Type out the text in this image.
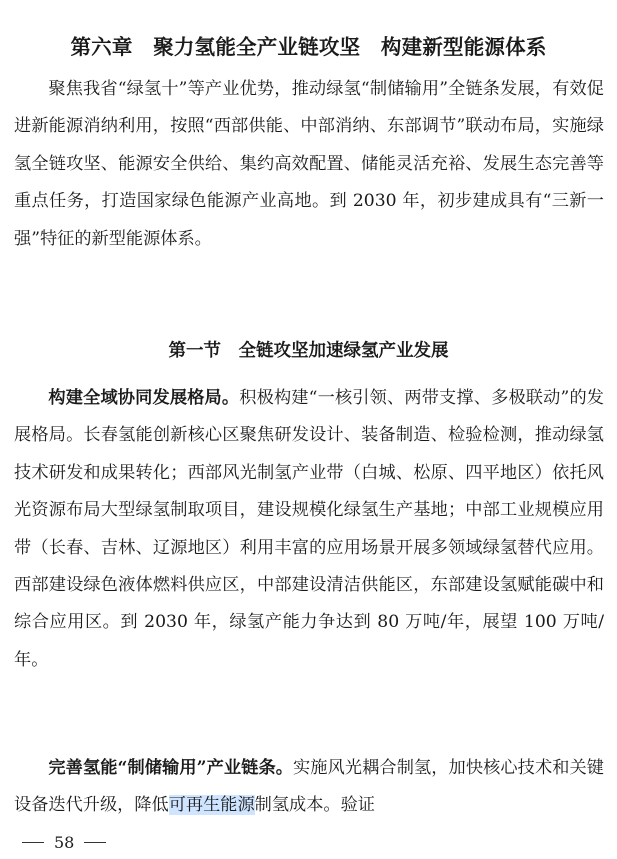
第六章　聚力氢能全产业链攻坚　构建新型能源体系

聚焦我省“绿氢十”等产业优势，推动绿氢“制储输用”全链条发展，有效促进新能源消纳利用，按照“西部供能、中部消纳、东部调节”联动布局，实施绿氢全链攻坚、能源安全供给、集约高效配置、储能灵活充裕、发展生态完善等重点任务，打造国家绿色能源产业高地。到 2030 年，初步建成具有“三新一强”特征的新型能源体系。

第一节　全链攻坚加速绿氢产业发展

构建全域协同发展格局。积极构建“一核引领、两带支撑、多极联动”的发展格局。长春氢能创新核心区聚焦研发设计、装备制造、检验检测，推动绿氢技术研发和成果转化；西部风光制氢产业带（白城、松原、四平地区）依托风光资源布局大型绿氢制取项目，建设规模化绿氢生产基地；中部工业规模应用带（长春、吉林、辽源地区）利用丰富的应用场景开展多领域绿氢替代应用。西部建设绿色液体燃料供应区，中部建设清洁供能区，东部建设氢赋能碳中和综合应用区。到 2030 年，绿氢产能力争达到 80 万吨/年，展望 100 万吨/年。

完善氢能“制储输用”产业链条。实施风光耦合制氢，加快核心技术和关键设备迭代升级，降低可再生能源制氢成本。验证

58
